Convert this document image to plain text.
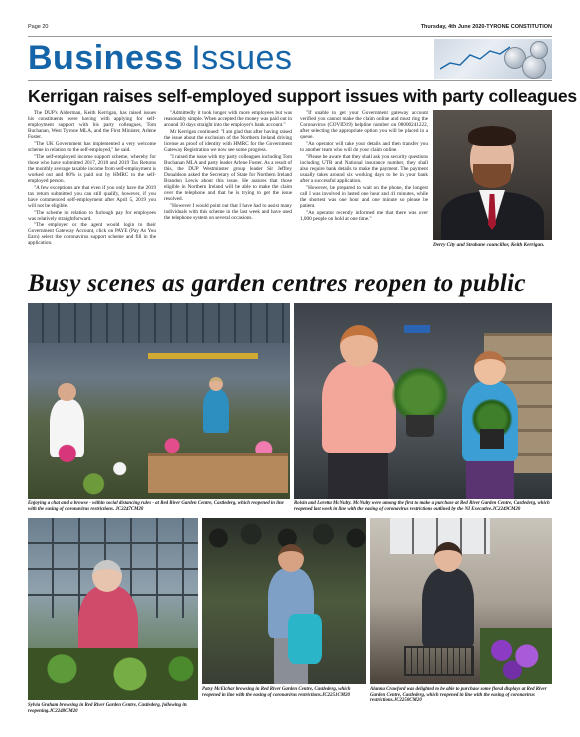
Page 20	Thursday, 4th June 2020-TYRONE CONSTITUTION
Business Issues
Kerrigan raises self-employed support issues with party colleagues

The DUP's Alderman, Keith Kerrigan, has raised issues his constituents were having with applying for self-employment support with his party colleagues, Tom Buchanan, West Tyrone MLA, and the First Minister, Arlene Foster.

"The UK Government has implemented a very welcome scheme in relation to the self-employed," he said.

"The self-employed income support scheme, whereby for those who have submitted 2017, 2018 and 2019 Tax Returns the monthly average taxable income from self-employment is worked out and 80% is paid out by HMRC to the self-employed person.

"A few exceptions are that even if you only have the 2019 tax return submitted you can still qualify, however, if you have commenced self-employment after April 5, 2019 you will not be eligible.

"The scheme in relation to furlough pay for employees was relatively straightforward.

"The employer or the agent would login to their Government Gateway Account, click on PAYE (Pay As You Earn) select the coronavirus support scheme and fill in the application.

"Admittedly it took longer with more employees but was reasonably simple. When accepted the money was paid out in around 10 days straight into the employer's bank account."

Mr Kerrigan continued: "I am glad that after having raised the issue about the exclusion of the Northern Ireland driving license as proof of identity with HMRC for the Government Gateway Registration we now see some progress.

"I raised the issue with my party colleagues including Tom Buchanan MLA and party leader Arlene Foster. As a result of this, the DUP Westminster group leader Sir Jeffrey Donaldson asked the Secretary of State for Northern Ireland Brandon Lewis about this issue. He assures that those eligible in Northern Ireland will be able to make the claim over the telephone and that he is trying to get the issue resolved.

"However I would point out that I have had to assist many individuals with this scheme in the last week and have used the telephone system on several occasions.

"If unable to get your Government gateway account verified you cannot make the claim online and must ring the Coronavirus (COVID19) helpline number on 08000241222, after selecting the appropriate option you will be placed in a queue.

"An operator will take your details and then transfer you to another team who will do your claim online.

"Please be aware that they shall ask you security questions including UTR and National insurance number, they shall also require bank details to make the payment. The payment usually takes around six working days to be in your bank after a successful application.

"However, be prepared to wait on the phone, the longest call I was involved in lasted one hour and 41 minutes, while the shortest was one hour and one minute so please be patient.

"An operator recently informed me that there was over 1,000 people on hold at one time."

Derry City and Strabane councillor, Keith Kerrigan.
Busy scenes as garden centres reopen to public
Enjoying a chat and a browse - within social distancing rules - at Red River Garden Centre, Castlederg, which reopened in line with the easing of coronavirus restrictions. JC2247CM20
Roisin and Loretta McNulty. McNulty were among the first to make a purchase at Red River Garden Centre, Castlederg, which reopened last week in line with the easing of coronavirus restrictions outlined by the NI Executive.JC2249CM20
Sylvia Graham browsing in Red River Garden Centre, Castlederg, following its reopening.JC2248CM20
Patsy McElchar browsing in Red River Garden Centre, Castlederg, which reopened in line with the easing of coronavirus restrictions.JC2251CM20
Alanna Crawford was delighted to be able to purchase some floral displays at Red River Garden Centre, Castlederg, which reopened in line with the easing of coronavirus restrictions.JC2250CM20
